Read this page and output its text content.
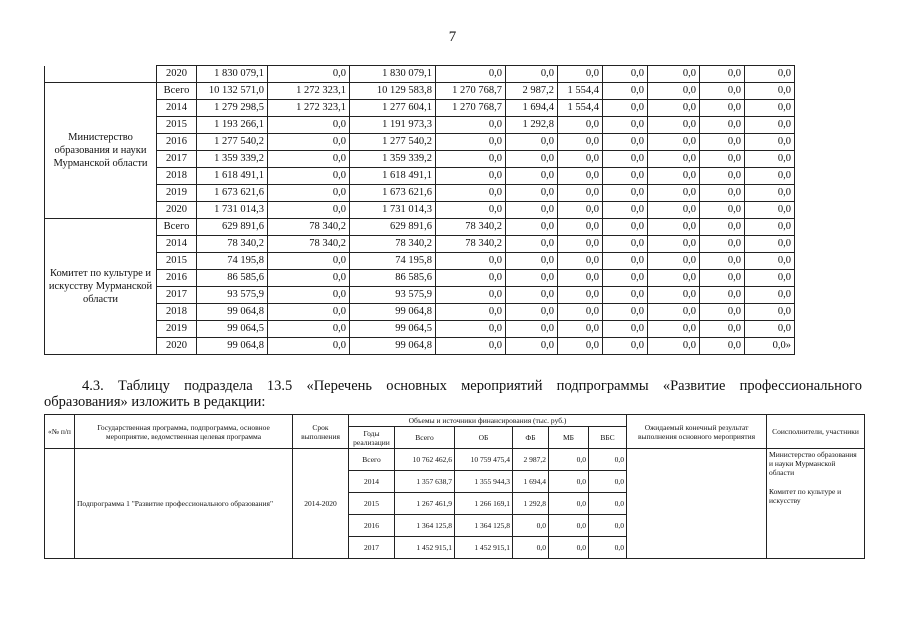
7
	2020	1 830 079,1	0,0	1 830 079,1	0,0	0,0	0,0	0,0	0,0	0,0	0,0
Министерство образования и науки Мурманской области	Всего	10 132 571,0	1 272 323,1	10 129 583,8	1 270 768,7	2 987,2	1 554,4	0,0	0,0	0,0	0,0
	2014	1 279 298,5	1 272 323,1	1 277 604,1	1 270 768,7	1 694,4	1 554,4	0,0	0,0	0,0	0,0
	2015	1 193 266,1	0,0	1 191 973,3	0,0	1 292,8	0,0	0,0	0,0	0,0	0,0
	2016	1 277 540,2	0,0	1 277 540,2	0,0	0,0	0,0	0,0	0,0	0,0	0,0
	2017	1 359 339,2	0,0	1 359 339,2	0,0	0,0	0,0	0,0	0,0	0,0	0,0
	2018	1 618 491,1	0,0	1 618 491,1	0,0	0,0	0,0	0,0	0,0	0,0	0,0
	2019	1 673 621,6	0,0	1 673 621,6	0,0	0,0	0,0	0,0	0,0	0,0	0,0
	2020	1 731 014,3	0,0	1 731 014,3	0,0	0,0	0,0	0,0	0,0	0,0	0,0
Комитет по культуре и искусству Мурманской области	Всего	629 891,6	78 340,2	629 891,6	78 340,2	0,0	0,0	0,0	0,0	0,0	0,0
	2014	78 340,2	78 340,2	78 340,2	78 340,2	0,0	0,0	0,0	0,0	0,0	0,0
	2015	74 195,8	0,0	74 195,8	0,0	0,0	0,0	0,0	0,0	0,0	0,0
	2016	86 585,6	0,0	86 585,6	0,0	0,0	0,0	0,0	0,0	0,0	0,0
	2017	93 575,9	0,0	93 575,9	0,0	0,0	0,0	0,0	0,0	0,0	0,0
	2018	99 064,8	0,0	99 064,8	0,0	0,0	0,0	0,0	0,0	0,0	0,0
	2019	99 064,5	0,0	99 064,5	0,0	0,0	0,0	0,0	0,0	0,0	0,0
	2020	99 064,8	0,0	99 064,8	0,0	0,0	0,0	0,0	0,0	0,0	0,0»
4.3. Таблицу подраздела 13.5 «Перечень основных мероприятий подпрограммы «Развитие профессионального
образования» изложить в редакции:
«№ п/п	Государственная программа, подпрограмма, основное мероприятие, ведомственная целевая программа	Срок выполнения	Объемы и источники финансирования (тыс. руб.)						Ожидаемый конечный результат выполнения основного мероприятия	Соисполнители, участники
			Годы реализации	Всего	ОБ	ФБ	МБ	ВБС		
	Подпрограмма 1 "Развитие профессионального образования"	2014-2020	Всего	10 762 462,6	10 759 475,4	2 987,2	0,0	0,0		Министерство образования и науки Мурманской области
Комитет по культуре и искусству

			2014	1 357 638,7	1 355 944,3	1 694,4	0,0	0,0		
			2015	1 267 461,9	1 266 169,1	1 292,8	0,0	0,0		
			2016	1 364 125,8	1 364 125,8	0,0	0,0	0,0		
			2017	1 452 915,1	1 452 915,1	0,0	0,0	0,0		
